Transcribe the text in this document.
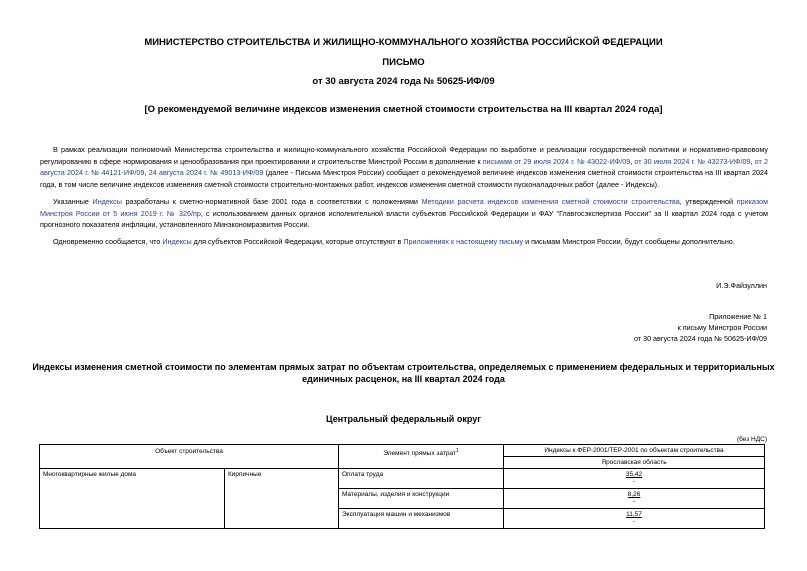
МИНИСТЕРСТВО СТРОИТЕЛЬСТВА И ЖИЛИЩНО-КОММУНАЛЬНОГО ХОЗЯЙСТВА РОССИЙСКОЙ ФЕДЕРАЦИИ
ПИСЬМО
от 30 августа 2024 года № 50625-ИФ/09
[О рекомендуемой величине индексов изменения сметной стоимости строительства на III квартал 2024 года]
В рамках реализации полномочий Министерства строительства и жилищно-коммунального хозяйства Российской Федерации по выработке и реализации государственной политики и нормативно-правовому регулированию в сфере нормирования и ценообразования при проектировании и строительстве Минстрой России в дополнение к письмам от 29 июля 2024 г. № 43022-ИФ/09, от 30 июля 2024 г. № 43273-ИФ/09, от 2 августа 2024 г. № 44121-ИФ/09, 24 августа 2024 г. № 49013-ИФ/09 (далее - Письма Минстроя России) сообщает о рекомендуемой величине индексов изменения сметной стоимости строительства на III квартал 2024 года, в том числе величине индексов изменения сметной стоимости строительно-монтажных работ, индексов изменения сметной стоимости пусконаладочных работ (далее - Индексы).
Указанные Индексы разработаны к сметно-нормативной базе 2001 года в соответствии с положениями Методики расчета индексов изменения сметной стоимости строительства, утвержденной приказом Минстроя России от 5 июня 2019 г. № 326/пр, с использованием данных органов исполнительной власти субъектов Российской Федерации и ФАУ "Главгосэкспертиза России" за II квартал 2024 года с учетом прогнозного показателя инфляции, установленного Минэкономразвития России.
Одновременно сообщается, что Индексы для субъектов Российской Федерации, которые отсутствуют в Приложениях к настоящему письму и письмам Минстроя России, будут сообщены дополнительно.
И.Э.Файзуллин
Приложение № 1
к письму Минстроя России
от 30 августа 2024 года № 50625-ИФ/09
Индексы изменения сметной стоимости по элементам прямых затрат по объектам строительства, определяемых с применением федеральных и территориальных единичных расценок, на III квартал 2024 года
Центральный федеральный округ
(без НДС)
Объект строительства		Элемент прямых затрат$^1$	Индексы к ФЕР-2001/ТЕР-2001 по объектам строительства
			Ярославская область
Многоквартирные жилые дома	Кирпичные	Оплата труда	35,42
-

		Материалы, изделия и конструкции	8,26
-

		Эксплуатация машин и механизмов	11,57
-
